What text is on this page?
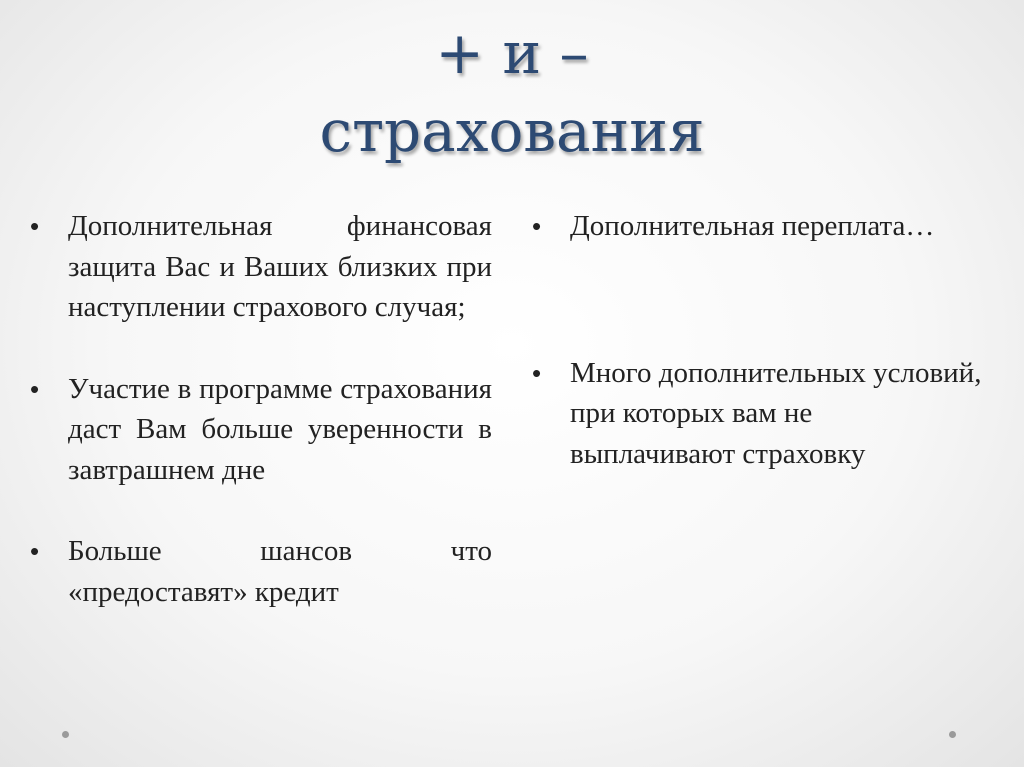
+ и –
страхования
• Дополнительная финансовая защита Вас и Ваших близких при наступлении страхового случая;
• Участие в программе страхования даст Вам больше уверенности в завтрашнем дне
• Больше шансов что «предоставят» кредит
• Дополнительная переплата…
• Много дополнительных условий, при которых вам не выплачивают страховку
